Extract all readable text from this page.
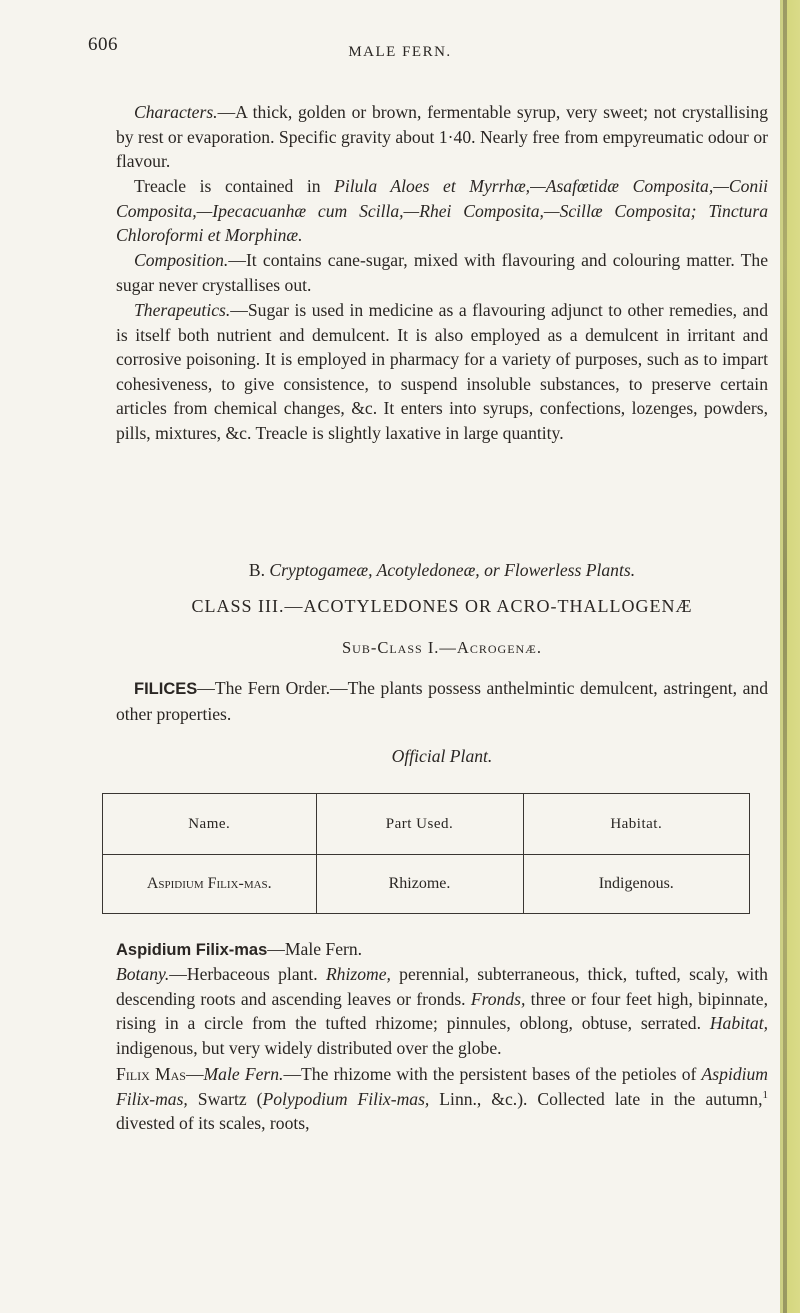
606	MALE FERN.
Characters.—A thick, golden or brown, fermentable syrup, very sweet; not crystallising by rest or evaporation. Specific gravity about 1·40. Nearly free from empyreumatic odour or flavour.
Treacle is contained in Pilula Aloes et Myrrhæ,—Asafœtidæ Composita,—Conii Composita,—Ipecacuanhæ cum Scilla,—Rhei Composita,—Scillæ Composita; Tinctura Chloroformi et Morphinæ.
Composition.—It contains cane-sugar, mixed with flavouring and colouring matter. The sugar never crystallises out.
Therapeutics.—Sugar is used in medicine as a flavouring adjunct to other remedies, and is itself both nutrient and demulcent. It is also employed as a demulcent in irritant and corrosive poisoning. It is employed in pharmacy for a variety of purposes, such as to impart cohesiveness, to give consistence, to suspend insoluble substances, to preserve certain articles from chemical changes, &c. It enters into syrups, confections, lozenges, powders, pills, mixtures, &c. Treacle is slightly laxative in large quantity.
B. Cryptogameæ, Acotyledoneæ, or Flowerless Plants.
CLASS III.—ACOTYLEDONES OR ACRO-THALLOGENÆ
Sub-Class I.—Acrogenæ.
FILICES—The Fern Order.—The plants possess anthelmintic demulcent, astringent, and other properties.
Official Plant.
Name.	Part Used.	Habitat.
Aspidium Filix-mas.	Rhizome.	Indigenous.
Aspidium Filix-mas—Male Fern.
Botany.—Herbaceous plant. Rhizome, perennial, subterraneous, thick, tufted, scaly, with descending roots and ascending leaves or fronds. Fronds, three or four feet high, bipinnate, rising in a circle from the tufted rhizome; pinnules, oblong, obtuse, serrated. Habitat, indigenous, but very widely distributed over the globe.
Filix Mas—Male Fern.—The rhizome with the persistent bases of the petioles of Aspidium Filix-mas, Swartz (Polypodium Filix-mas, Linn., &c.). Collected late in the autumn,$^1$ divested of its scales, roots,
